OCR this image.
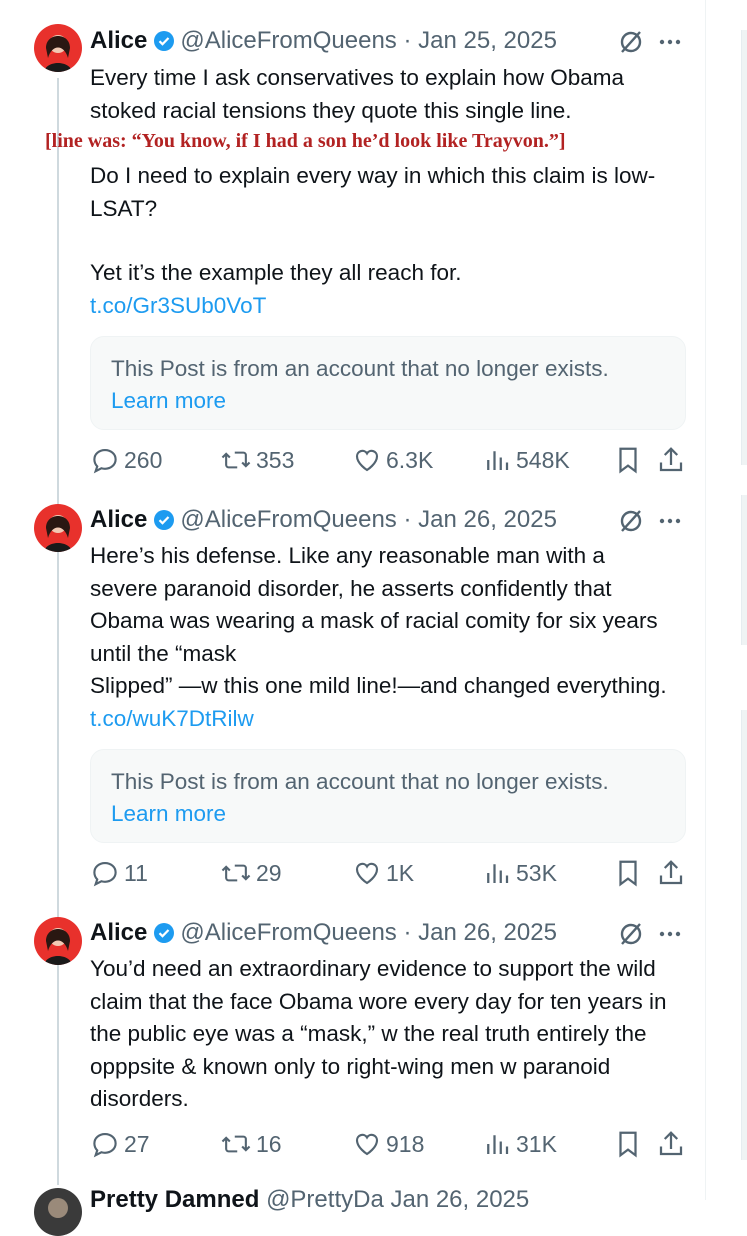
Alice @AliceFromQueens · Jan 25, 2025

Every time I ask conservatives to explain how Obama stoked racial tensions they quote this single line.

[line was: “You know, if I had a son he’d look like Trayvon.”]

Do I need to explain every way in which this claim is low-LSAT?

Yet it’s the example they all reach for.

t.co/Gr3SUb0VoT

This Post is from an account that no longer exists.
Learn more
260	353	6.3K	548K
Alice @AliceFromQueens · Jan 26, 2025

Here’s his defense. Like any reasonable man with a severe paranoid disorder, he asserts confidently that Obama was wearing a mask of racial comity for six years until the “mask

Slipped” —w this one mild line!—and changed everything. t.co/wuK7DtRilw

This Post is from an account that no longer exists.
Learn more
11	29	1K	53K
Alice @AliceFromQueens · Jan 26, 2025

You’d need an extraordinary evidence to support the wild claim that the face Obama wore every day for ten years in the public eye was a “mask,” w the real truth entirely the opppsite & known only to right-wing men w paranoid disorders.

27	16	918	31K
Pretty Damned @PrettyDa Jan 26, 2025
